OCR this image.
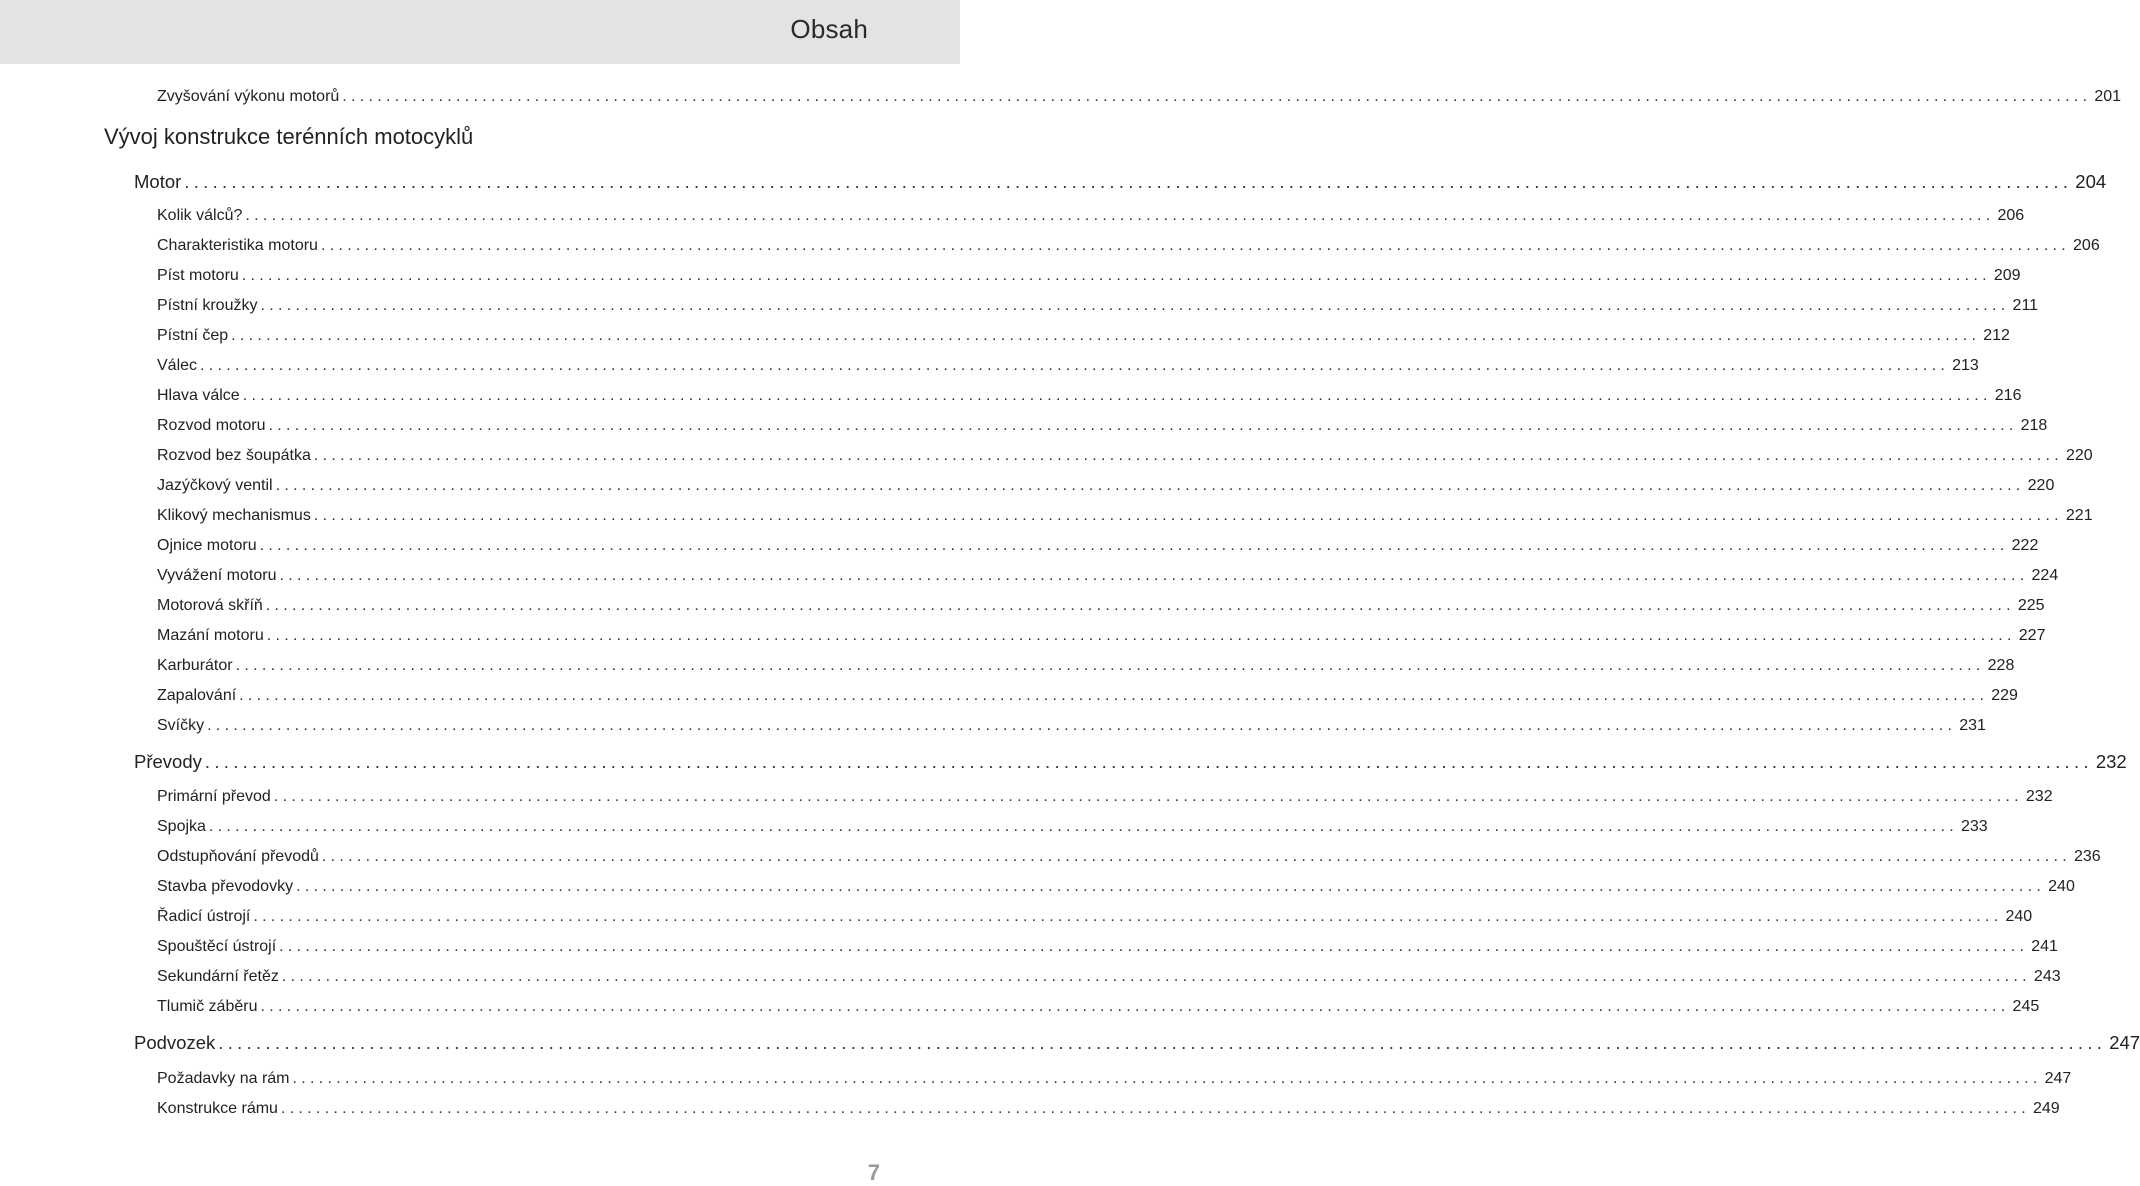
Obsah
Vývoj konstrukce terénních motocyklů
Zvyšování výkonu motorů ........................................................................................................................................................................................................ 201
Motor ........................................................................................................................................................................................................ 204
Kolik válců? ........................................................................................................................................................................................................ 206
Charakteristika motoru ........................................................................................................................................................................................................ 206
Píst motoru ........................................................................................................................................................................................................ 209
Pístní kroužky ........................................................................................................................................................................................................ 211
Pístní čep ........................................................................................................................................................................................................ 212
Válec ........................................................................................................................................................................................................ 213
Hlava válce ........................................................................................................................................................................................................ 216
Rozvod motoru ........................................................................................................................................................................................................ 218
Rozvod bez šoupátka ........................................................................................................................................................................................................ 220
Jazýčkový ventil ........................................................................................................................................................................................................ 220
Klikový mechanismus ........................................................................................................................................................................................................ 221
Ojnice motoru ........................................................................................................................................................................................................ 222
Vyvážení motoru ........................................................................................................................................................................................................ 224
Motorová skříň ........................................................................................................................................................................................................ 225
Mazání motoru ........................................................................................................................................................................................................ 227
Karburátor ........................................................................................................................................................................................................ 228
Zapalování ........................................................................................................................................................................................................ 229
Svíčky ........................................................................................................................................................................................................ 231
Převody ........................................................................................................................................................................................................ 232
Primární převod ........................................................................................................................................................................................................ 232
Spojka ........................................................................................................................................................................................................ 233
Odstupňování převodů ........................................................................................................................................................................................................ 236
Stavba převodovky ........................................................................................................................................................................................................ 240
Řadicí ústrojí ........................................................................................................................................................................................................ 240
Spouštěcí ústrojí ........................................................................................................................................................................................................ 241
Sekundární řetěz ........................................................................................................................................................................................................ 243
Tlumič záběru ........................................................................................................................................................................................................ 245
Podvozek ........................................................................................................................................................................................................ 247
Požadavky na rám ........................................................................................................................................................................................................ 247
Konstrukce rámu ........................................................................................................................................................................................................ 249
7
